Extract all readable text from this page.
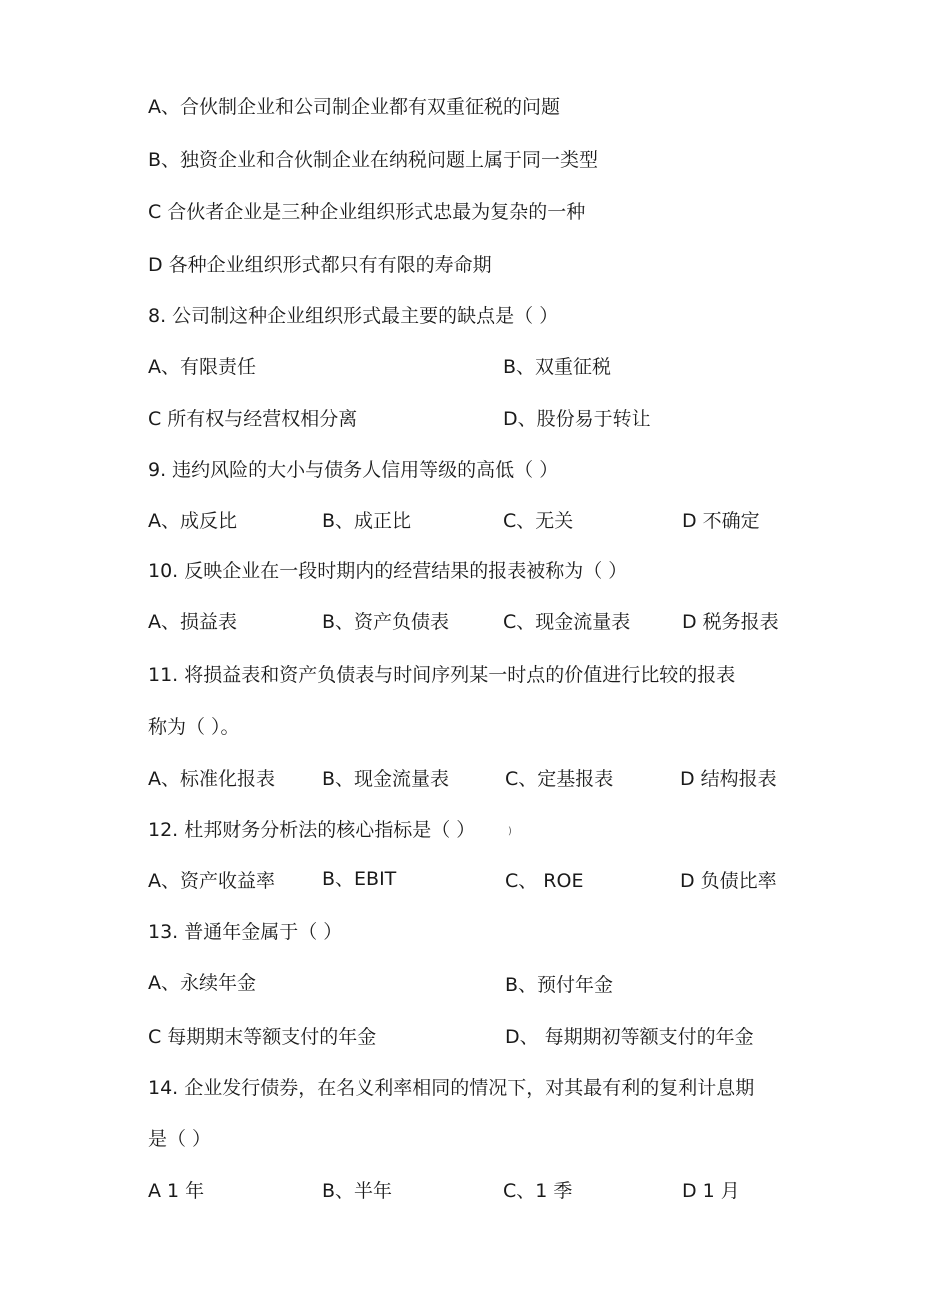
A、合伙制企业和公司制企业都有双重征税的问题
B、独资企业和合伙制企业在纳税问题上属于同一类型
C 合伙者企业是三种企业组织形式忠最为复杂的一种
D 各种企业组织形式都只有有限的寿命期
8. 公司制这种企业组织形式最主要的缺点是（ ）
A、有限责任	B、双重征税
C 所有权与经营权相分离	D、股份易于转让
9. 违约风险的大小与债务人信用等级的高低（ ）
A、成反比	B、成正比	C、无关	D 不确定
10. 反映企业在一段时期内的经营结果的报表被称为（ ）
A、损益表	B、资产负债表	C、现金流量表	D 税务报表
11. 将损益表和资产负债表与时间序列某一时点的价值进行比较的报表
称为（ ）。
A、标准化报表 B、现金流量表	C、定基报表	D 结构报表
12. 杜邦财务分析法的核心指标是（ ）	)
A、资产收益率 B、EBIT	C、 ROE	D 负债比率
13. 普通年金属于（ ）
A、永续年金	B、预付年金
C 每期期末等额支付的年金	D、 每期期初等额支付的年金
14. 企业发行债券，在名义利率相同的情况下，对其最有利的复利计息期
是（ ）
A 1 年	B、半年	C、1 季	D 1 月
